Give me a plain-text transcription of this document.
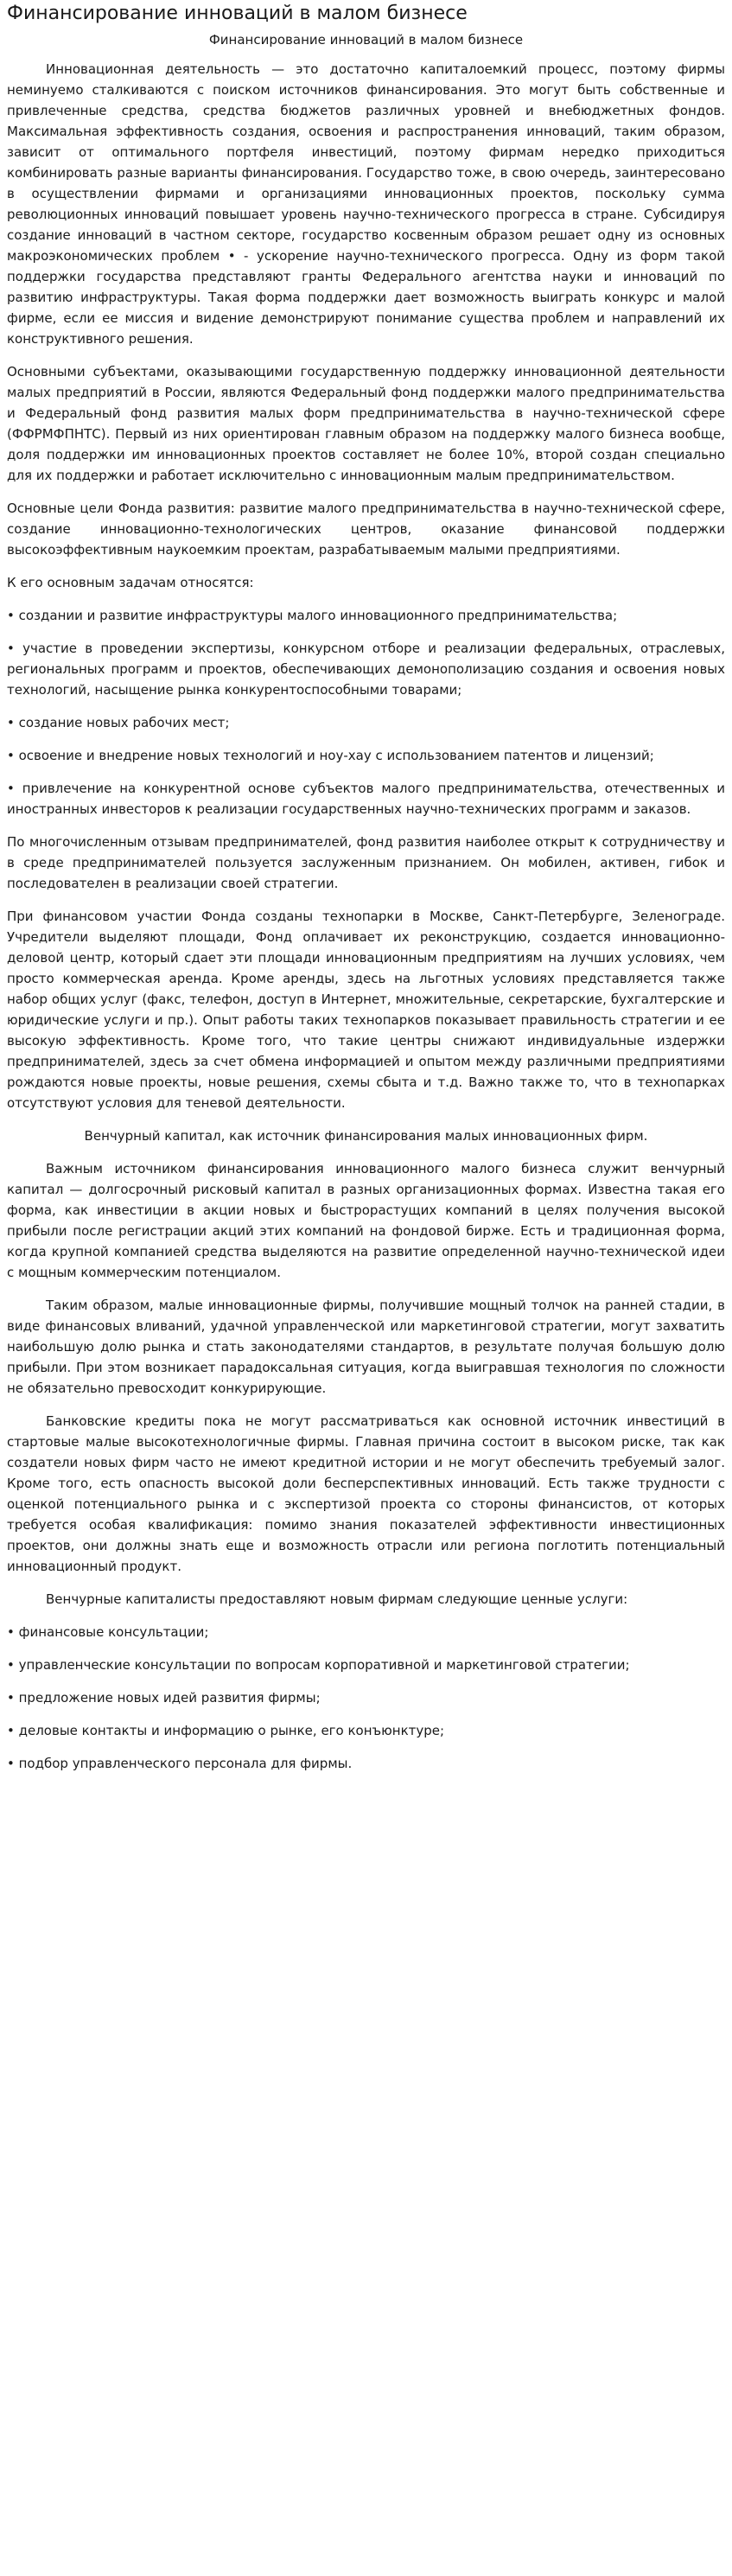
Финансирование инноваций в малом бизнесе
Финансирование инноваций в малом бизнесе

Инновационная деятельность — это достаточно капиталоемкий процесс, поэтому фирмы неминуемо сталкиваются с поиском источников финансирования. Это могут быть собственные и привлеченные средства, средства бюджетов различных уровней и внебюджетных фондов. Максимальная эффективность создания, освоения и распространения инноваций, таким образом, зависит от оптимального портфеля инвестиций, поэтому фирмам нередко приходиться комбинировать разные варианты финансирования. Государство тоже, в свою очередь, заинтересовано в осуществлении фирмами и организациями инновационных проектов, поскольку сумма революционных инноваций повышает уровень научно-технического прогресса в стране. Субсидируя создание инноваций в частном секторе, государство косвенным образом решает одну из основных макроэкономических проблем • - ускорение научно-технического прогресса. Одну из форм такой поддержки государства представляют гранты Федерального агентства науки и инноваций по развитию инфраструктуры. Такая форма поддержки дает возможность выиграть конкурс и малой фирме, если ее миссия и видение демонстрируют понимание существа проблем и направлений их конструктивного решения.

Основными субъектами, оказывающими государственную поддержку инновационной деятельности малых предприятий в России, являются Федеральный фонд поддержки малого предпринимательства и Федеральный фонд развития малых форм предпринимательства в научно-технической сфере (ФФРМФПНТС). Первый из них ориентирован главным образом на поддержку малого бизнеса вообще, доля поддержки им инновационных проектов составляет не более 10%, второй создан специально для их поддержки и работает исключительно с инновационным малым предпринимательством.

Основные цели Фонда развития: развитие малого предпринимательства в научно-технической сфере, создание инновационно-технологических центров, оказание финансовой поддержки высокоэффективным наукоемким проектам, разрабатываемым малыми предприятиями.

К его основным задачам относятся:

• создании и развитие инфраструктуры малого инновационного предпринимательства;

• участие в проведении экспертизы, конкурсном отборе и реализации федеральных, отраслевых, региональных программ и проектов, обеспечивающих демонополизацию создания и освоения новых технологий, насыщение рынка конкурентоспособными товарами;

• создание новых рабочих мест;

• освоение и внедрение новых технологий и ноу-хау с использованием патентов и лицензий;

• привлечение на конкурентной основе субъектов малого предпринимательства, отечественных и иностранных инвесторов к реализации государственных научно-технических программ и заказов.

По многочисленным отзывам предпринимателей, фонд развития наиболее открыт к сотрудничеству и в среде предпринимателей пользуется заслуженным признанием. Он мобилен, активен, гибок и последователен в реализации своей стратегии.

При финансовом участии Фонда созданы технопарки в Москве, Санкт-Петербурге, Зеленограде. Учредители выделяют площади, Фонд оплачивает их реконструкцию, создается инновационно-деловой центр, который сдает эти площади инновационным предприятиям на лучших условиях, чем просто коммерческая аренда. Кроме аренды, здесь на льготных условиях представляется также набор общих услуг (факс, телефон, доступ в Интернет, множительные, секретарские, бухгалтерские и юридические услуги и пр.). Опыт работы таких технопарков показывает правильность стратегии и ее высокую эффективность. Кроме того, что такие центры снижают индивидуальные издержки предпринимателей, здесь за счет обмена информацией и опытом между различными предприятиями рождаются новые проекты, новые решения, схемы сбыта и т.д. Важно также то, что в технопарках отсутствуют условия для теневой деятельности.

Венчурный капитал, как источник финансирования малых инновационных фирм.

Важным источником финансирования инновационного малого бизнеса служит венчурный капитал — долгосрочный рисковый капитал в разных организационных формах. Известна такая его форма, как инвестиции в акции новых и быстрорастущих компаний в целях получения высокой прибыли после регистрации акций этих компаний на фондовой бирже. Есть и традиционная форма, когда крупной компанией средства выделяются на развитие определенной научно-технической идеи с мощным коммерческим потенциалом.

Таким образом, малые инновационные фирмы, получившие мощный толчок на ранней стадии, в виде финансовых вливаний, удачной управленческой или маркетинговой стратегии, могут захватить наибольшую долю рынка и стать законодателями стандартов, в результате получая большую долю прибыли. При этом возникает парадоксальная ситуация, когда выигравшая технология по сложности не обязательно превосходит конкурирующие.

Банковские кредиты пока не могут рассматриваться как основной источник инвестиций в стартовые малые высокотехнологичные фирмы. Главная причина состоит в высоком риске, так как создатели новых фирм часто не имеют кредитной истории и не могут обеспечить требуемый залог. Кроме того, есть опасность высокой доли бесперспективных инноваций. Есть также трудности с оценкой потенциального рынка и с экспертизой проекта со стороны финансистов, от которых требуется особая квалификация: помимо знания показателей эффективности инвестиционных проектов, они должны знать еще и возможность отрасли или региона поглотить потенциальный инновационный продукт.

Венчурные капиталисты предоставляют новым фирмам следующие ценные услуги:

• финансовые консультации;

• управленческие консультации по вопросам корпоративной и маркетинговой стратегии;

• предложение новых идей развития фирмы;

• деловые контакты и информацию о рынке, его конъюнктуре;

• подбор управленческого персонала для фирмы.
